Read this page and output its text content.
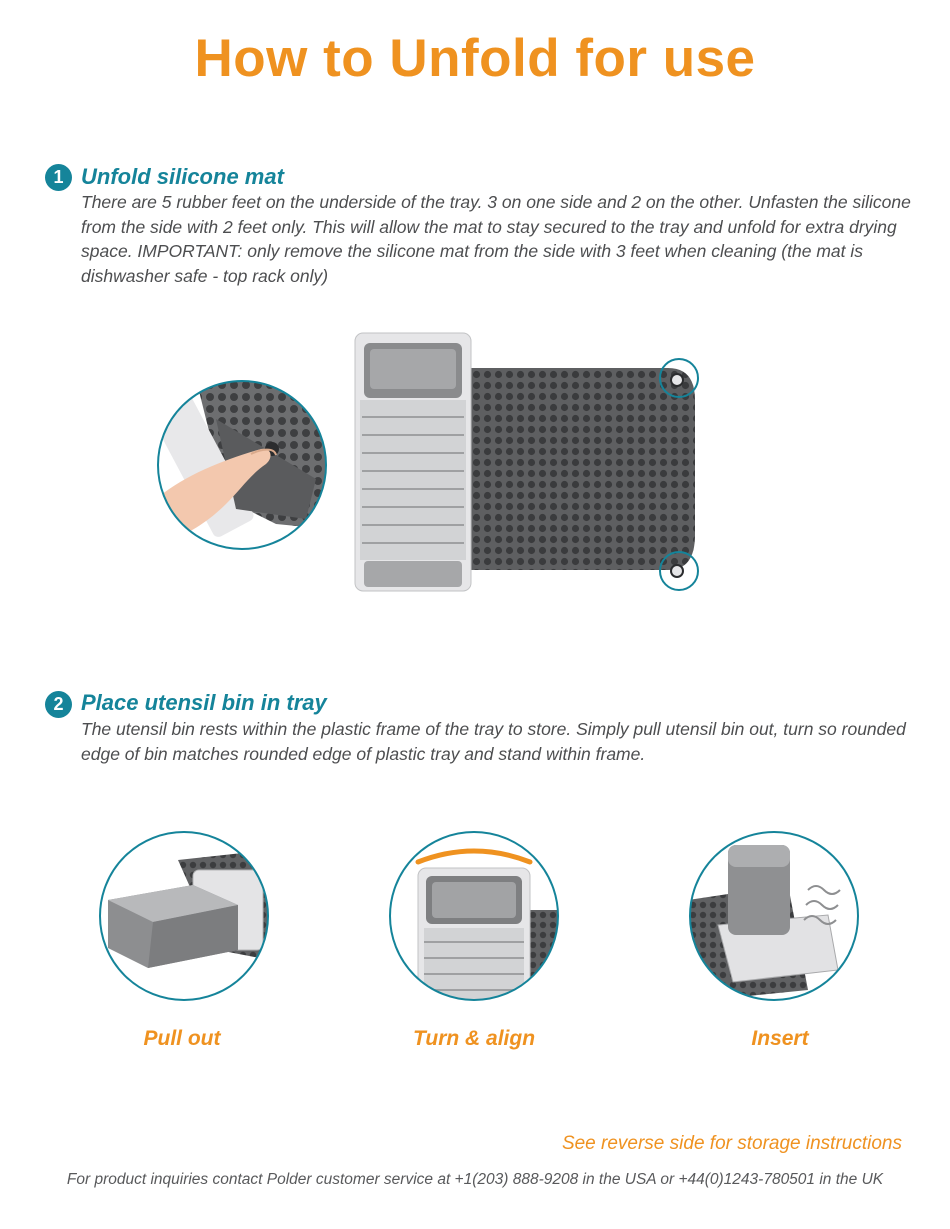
How to Unfold for use
1 Unfold silicone mat

There are 5 rubber feet on the underside of the tray. 3 on one side and 2 on the other. Unfasten the silicone from the side with 2 feet only. This will allow the mat to stay secured to the tray and unfold for extra drying space. IMPORTANT: only remove the silicone mat from the side with 3 feet when cleaning (the mat is dishwasher safe - top rack only)

2 Place utensil bin in tray

The utensil bin rests within the plastic frame of the tray to store. Simply pull utensil bin out, turn so rounded edge of bin matches rounded edge of plastic tray and stand within frame.

Pull out	Turn & align	Insert
See reverse side for storage instructions
For product inquiries contact Polder customer service at +1(203) 888-9208 in the USA or +44(0)1243-780501 in the UK
